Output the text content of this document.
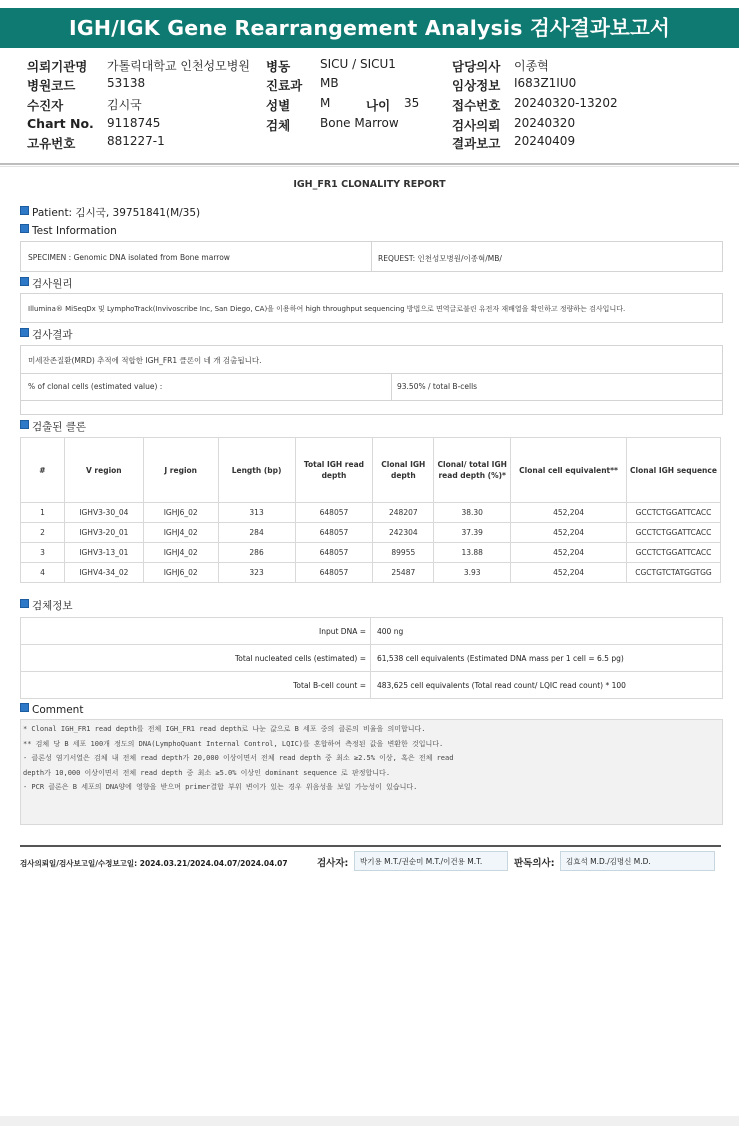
IGH/IGK Gene Rearrangement Analysis 검사결과보고서
의뢰기관명 가톨릭대학교 인천성모병원
병원코드	53138
수진자	김시국
Chart No. 9118745
고유번호	881227-1
병동 SICU / SICU1
진료과 MB
성별 M	나이 35
검체 Bone Marrow
담당의사 이종혁
임상정보 I683Z1IU0
접수번호 20240320-13202
검사의뢰 20240320
결과보고 20240409
IGH_FR1 CLONALITY REPORT
Patient: 김시국, 39751841(M/35)
Test Information
SPECIMEN : Genomic DNA isolated from Bone marrow	REQUEST: 인천성모병원/이종혁/MB/
검사원리
Illumina® MiSeqDx 및 LymphoTrack(Invivoscribe Inc, San Diego, CA)을 이용하여 high throughput sequencing 방법으로 면역글로불린 유전자 재배열을 확인하고 정량하는 검사입니다.
검사결과
미세잔존질환(MRD) 추적에 적합한 IGH_FR1 클론이 네 개 검출됩니다.
% of clonal cells (estimated value) :	93.50% / total B-cells
검출된 클론
#	V region	J region	Length (bp)	Total IGH read depth	Clonal IGH depth	Clonal/ total IGH read depth (%)*	Clonal cell equivalent**	Clonal IGH sequence
1	IGHV3-30_04	IGHJ6_02	313	648057	248207	38.30	452,204	GCCTCTGGATTCACC
2	IGHV3-20_01	IGHJ4_02	284	648057	242304	37.39	452,204	GCCTCTGGATTCACC
3	IGHV3-13_01	IGHJ4_02	286	648057	89955	13.88	452,204	GCCTCTGGATTCACC
4	IGHV4-34_02	IGHJ6_02	323	648057	25487	3.93	452,204	CGCTGTCTATGGTGG
검체정보
Input DNA = 400 ng
Total nucleated cells (estimated) = 61,538 cell equivalents (Estimated DNA mass per 1 cell = 6.5 pg)
Total B-cell count = 483,625 cell equivalents (Total read count/ LQIC read count) * 100
Comment
* Clonal IGH_FR1 read depth를 전체 IGH_FR1 read depth로 나눈 값으로 B 세포 중의 클론의 비율을 의미합니다.
** 검체 당 B 세포 100개 정도의 DNA(LymphoQuant Internal Control, LQIC)를 혼합하여 측정된 값을 변환한 것입니다.
- 클론성 염기서열은 검체 내 전체 read depth가 20,000 이상이면서 전체 read depth 중 최소 ≥2.5% 이상, 혹은 전체 read
depth가 10,000 이상이면서 전체 read depth 중 최소 ≥5.0% 이상인 dominant sequence 로 판정합니다.
- PCR 클론은 B 세포의 DNA양에 영향을 받으며 primer결합 부위 변이가 있는 경우 위음성을 보일 가능성이 있습니다.
검사의뢰일/검사보고일/수정보고일: 2024.03.21/2024.04.07/2024.04.07	검사자:	박기용 M.T./권순미 M.T./이건용 M.T.	판독의사:	김효석 M.D./김명신 M.D.
